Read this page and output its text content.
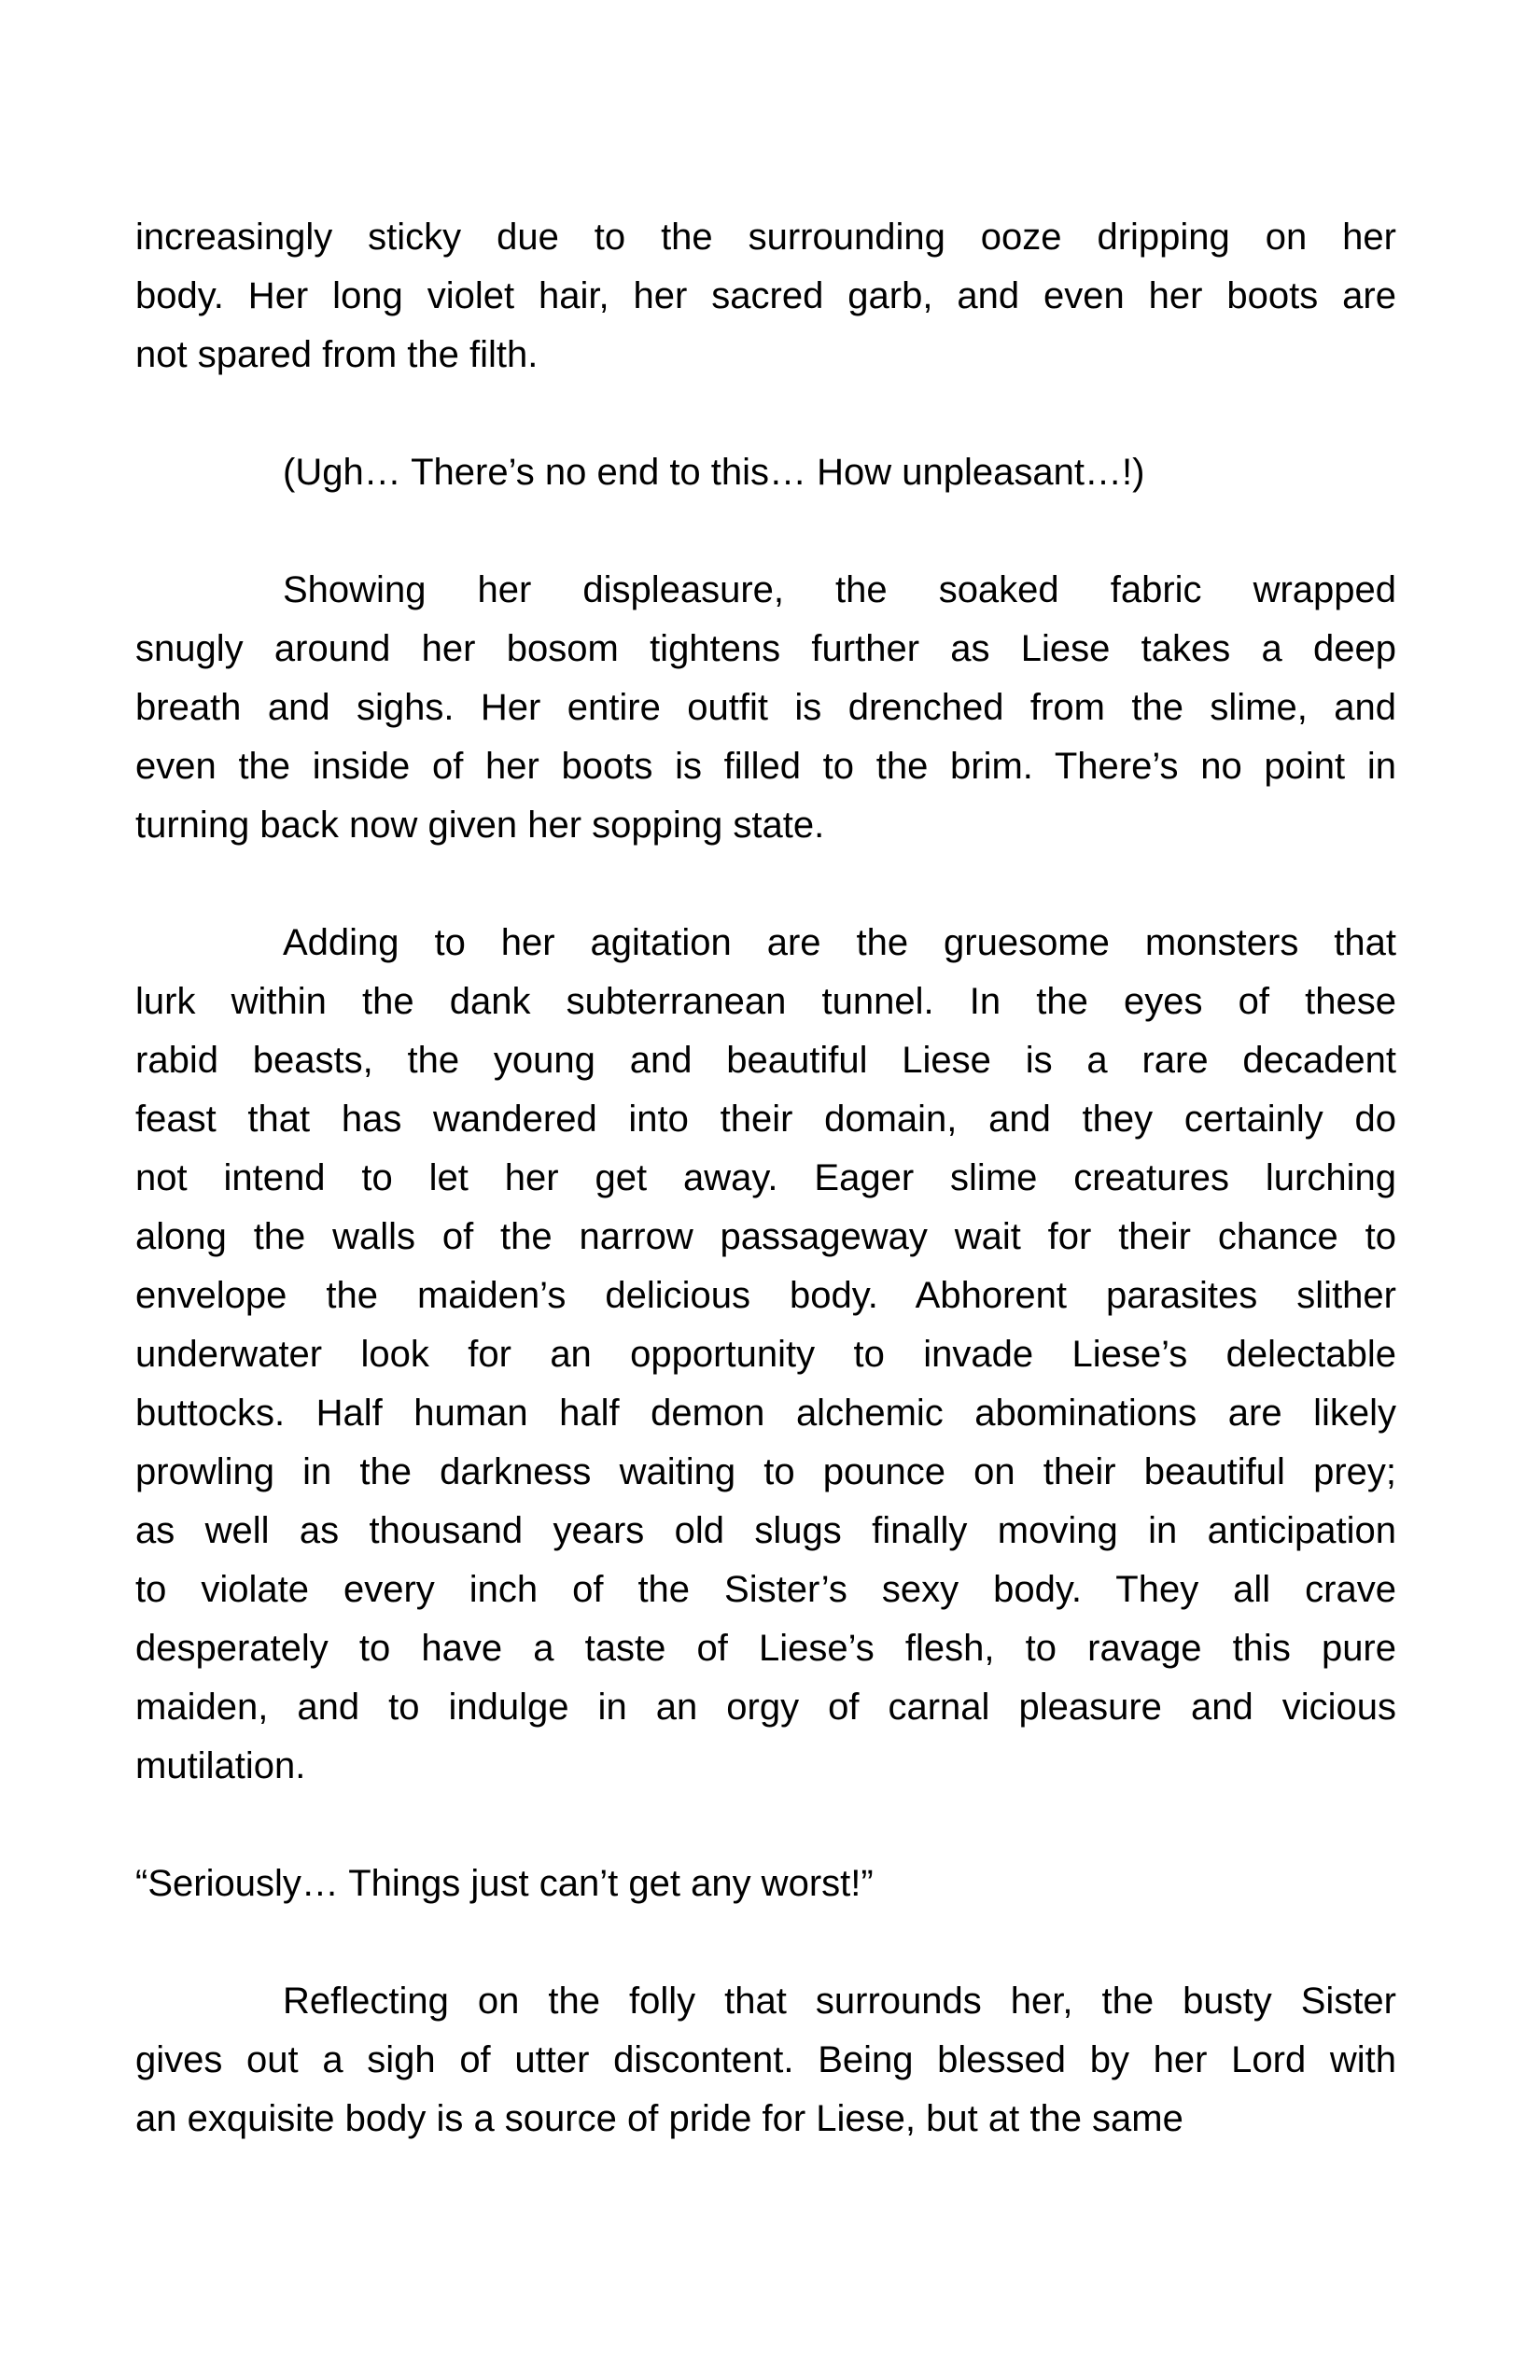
increasingly sticky due to the surrounding ooze dripping on her
body. Her long violet hair, her sacred garb, and even her boots are
not spared from the filth.
(Ugh… There’s no end to this… How unpleasant…!)
Showing her displeasure, the soaked fabric wrapped
snugly around her bosom tightens further as Liese takes a deep
breath and sighs. Her entire outfit is drenched from the slime, and
even the inside of her boots is filled to the brim. There’s no point in
turning back now given her sopping state.
Adding to her agitation are the gruesome monsters that
lurk within the dank subterranean tunnel. In the eyes of these
rabid beasts, the young and beautiful Liese is a rare decadent
feast that has wandered into their domain, and they certainly do
not intend to let her get away. Eager slime creatures lurching
along the walls of the narrow passageway wait for their chance to
envelope the maiden’s delicious body. Abhorent parasites slither
underwater look for an opportunity to invade Liese’s delectable
buttocks. Half human half demon alchemic abominations are likely
prowling in the darkness waiting to pounce on their beautiful prey;
as well as thousand years old slugs finally moving in anticipation
to violate every inch of the Sister’s sexy body. They all crave
desperately to have a taste of Liese’s flesh, to ravage this pure
maiden, and to indulge in an orgy of carnal pleasure and vicious
mutilation.
“Seriously… Things just can’t get any worst!”
Reflecting on the folly that surrounds her, the busty Sister
gives out a sigh of utter discontent. Being blessed by her Lord with
an exquisite body is a source of pride for Liese, but at the same
